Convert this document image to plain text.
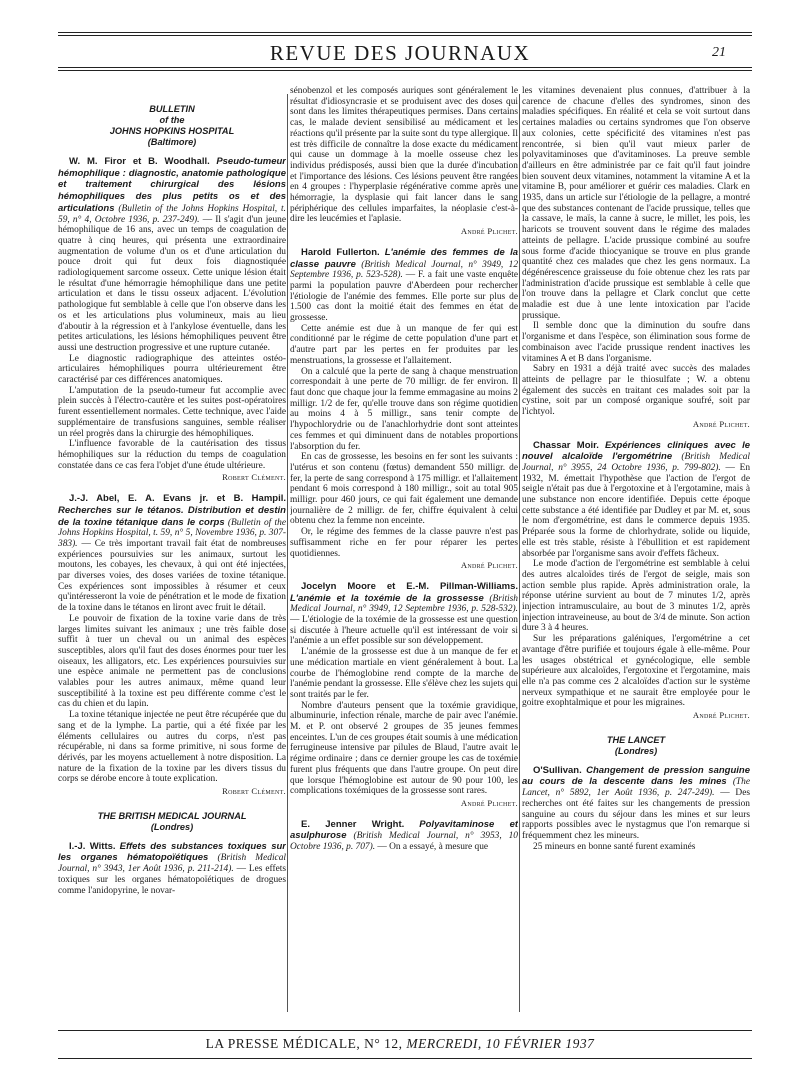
REVUE DES JOURNAUX	21
BULLETIN
of the
JOHNS HOPKINS HOSPITAL
(Baltimore)
W. M. Firor et B. Woodhall. Pseudo-tumeur hémophilique : diagnostic, anatomie pathologique et traitement chirurgical des lésions hémophiliques des plus petits os et des articulations (Bulletin of the Johns Hopkins Hospital, t. 59, n° 4, Octobre 1936, p. 237-249). — Il s'agit d'un jeune hémophilique de 16 ans, avec un temps de coagulation de quatre à cinq heures, qui présenta une extraordinaire augmentation de volume d'un os et d'une articulation du pouce droit qui fut deux fois diagnostiquée radiologiquement sarcome osseux. Cette unique lésion était le résultat d'une hémorragie hémophilique dans une petite articulation et dans le tissu osseux adjacent. L'évolution pathologique fut semblable à celle que l'on observe dans les os et les articulations plus volumineux, mais au lieu d'aboutir à la régression et à l'ankylose éventuelle, dans les petites articulations, les lésions hémophiliques peuvent être aussi une destruction progressive et une rupture cutanée.

Le diagnostic radiographique des atteintes ostéo-articulaires hémophiliques pourra ultérieurement être caractérisé par ces différences anatomiques.

L'amputation de la pseudo-tumeur fut accomplie avec plein succès à l'électro-cautère et les suites post-opératoires furent essentiellement normales. Cette technique, avec l'aide supplémentaire de transfusions sanguines, semble réaliser un réel progrès dans la chirurgie des hémophiliques.

L'influence favorable de la cautérisation des tissus hémophiliques sur la réduction du temps de coagulation constatée dans ce cas fera l'objet d'une étude ultérieure.

Robert Clément.
J.-J. Abel, E. A. Evans jr. et B. Hampil. Recherches sur le tétanos. Distribution et destin de la toxine tétanique dans le corps (Bulletin of the Johns Hopkins Hospital, t. 59, n° 5, Novembre 1936, p. 307-383). — Ce très important travail fait état de nombreuses expériences poursuivies sur les animaux, surtout les moutons, les cobayes, les chevaux, à qui ont été injectées, par diverses voies, des doses variées de toxine tétanique. Ces expériences sont impossibles à résumer et ceux qu'intéresseront la voie de pénétration et le mode de fixation de la toxine dans le tétanos en liront avec fruit le détail.

Le pouvoir de fixation de la toxine varie dans de très larges limites suivant les animaux ; une très faible dose suffit à tuer un cheval ou un animal des espèces susceptibles, alors qu'il faut des doses énormes pour tuer les oiseaux, les alligators, etc. Les expériences poursuivies sur une espèce animale ne permettent pas de conclusions valables pour les autres animaux, même quand leur susceptibilité à la toxine est peu différente comme c'est le cas du chien et du lapin.

La toxine tétanique injectée ne peut être récupérée que du sang et de la lymphe. La partie, qui a été fixée par les éléments cellulaires ou autres du corps, n'est pas récupérable, ni dans sa forme primitive, ni sous forme de dérivés, par les moyens actuellement à notre disposition. La nature de la fixation de la toxine par les divers tissus du corps se dérobe encore à toute explication.

Robert Clément.
THE BRITISH MEDICAL JOURNAL
(Londres)
I.-J. Witts. Effets des substances toxiques sur les organes hématopoïétiques (British Medical Journal, n° 3943, 1er Août 1936, p. 211-214). — Les effets toxiques sur les organes hématopoïétiques de drogues comme l'anidopyrine, le novar-

sénobenzol et les composés auriques sont généralement le résultat d'idiosyncrasie et se produisent avec des doses qui sont dans les limites thérapeutiques permises. Dans certains cas, le malade devient sensibilisé au médicament et les réactions qu'il présente par la suite sont du type allergique. Il est très difficile de connaître la dose exacte du médicament qui cause un dommage à la moelle osseuse chez les individus prédisposés, aussi bien que la durée d'incubation et l'importance des lésions. Ces lésions peuvent être rangées en 4 groupes : l'hyperplasie régénérative comme après une hémorragie, la dysplasie qui fait lancer dans le sang périphérique des cellules imparfaites, la néoplasie c'est-à-dire les leucémies et l'aplasie.

André Plichet.
Harold Fullerton. L'anémie des femmes de la classe pauvre (British Medical Journal, n° 3949, 12 Septembre 1936, p. 523-528). — F. a fait une vaste enquête parmi la population pauvre d'Aberdeen pour rechercher l'étiologie de l'anémie des femmes. Elle porte sur plus de 1.500 cas dont la moitié était des femmes en état de grossesse.

Cette anémie est due à un manque de fer qui est conditionné par le régime de cette population d'une part et d'autre part par les pertes en fer produites par les menstruations, la grossesse et l'allaitement.

On a calculé que la perte de sang à chaque menstruation correspondait à une perte de 70 milligr. de fer environ. Il faut donc que chaque jour la femme emmagasine au moins 2 milligr. 1/2 de fer, qu'elle trouve dans son régime quotidien au moins 4 à 5 milligr., sans tenir compte de l'hypochlorydrie ou de l'anachlorhydrie dont sont atteintes ces femmes et qui diminuent dans de notables proportions l'absorption du fer.

En cas de grossesse, les besoins en fer sont les suivants : l'utérus et son contenu (fœtus) demandent 550 milligr. de fer, la perte de sang correspond à 175 milligr. et l'allaitement pendant 6 mois correspond à 180 milligr., soit au total 905 milligr. pour 460 jours, ce qui fait également une demande journalière de 2 milligr. de fer, chiffre équivalent à celui obtenu chez la femme non enceinte.

Or, le régime des femmes de la classe pauvre n'est pas suffisamment riche en fer pour réparer les pertes quotidiennes.

André Plichet.
Jocelyn Moore et E.-M. Pillman-Williams. L'anémie et la toxémie de la grossesse (British Medical Journal, n° 3949, 12 Septembre 1936, p. 528-532). — L'étiologie de la toxémie de la grossesse est une question si discutée à l'heure actuelle qu'il est intéressant de voir si l'anémie a un effet possible sur son développement.

L'anémie de la grossesse est due à un manque de fer et une médication martiale en vient généralement à bout. La courbe de l'hémoglobine rend compte de la marche de l'anémie pendant la grossesse. Elle s'élève chez les sujets qui sont traités par le fer.

Nombre d'auteurs pensent que la toxémie gravidique, albuminurie, infection rénale, marche de pair avec l'anémie. M. et P. ont observé 2 groupes de 35 jeunes femmes enceintes. L'un de ces groupes était soumis à une médication ferrugineuse intensive par pilules de Blaud, l'autre avait le régime ordinaire ; dans ce dernier groupe les cas de toxémie furent plus fréquents que dans l'autre groupe. On peut dire que lorsque l'hémoglobine est autour de 90 pour 100, les complications toxémiques de la grossesse sont rares.

André Plichet.
E. Jenner Wright. Polyavitaminose et asulphurose (British Medical Journal, n° 3953, 10 Octobre 1936, p. 707). — On a essayé, à mesure que

les vitamines devenaient plus connues, d'attribuer à la carence de chacune d'elles des syndromes, sinon des maladies spécifiques. En réalité et cela se voit surtout dans certaines maladies ou certains syndromes que l'on observe aux colonies, cette spécificité des vitamines n'est pas rencontrée, si bien qu'il vaut mieux parler de polyavitaminoses que d'avitaminoses. La preuve semble d'ailleurs en être administrée par ce fait qu'il faut joindre bien souvent deux vitamines, notamment la vitamine A et la vitamine B, pour améliorer et guérir ces maladies. Clark en 1935, dans un article sur l'étiologie de la pellagre, a montré que des substances contenant de l'acide prussique, telles que la cassave, le maïs, la canne à sucre, le millet, les pois, les haricots se trouvent souvent dans le régime des malades atteints de pellagre. L'acide prussique combiné au soufre sous forme d'acide thiocyanique se trouve en plus grande quantité chez ces malades que chez les gens normaux. La dégénérescence graisseuse du foie obtenue chez les rats par l'administration d'acide prussique est semblable à celle que l'on trouve dans la pellagre et Clark conclut que cette maladie est due à une lente intoxication par l'acide prussique.

Il semble donc que la diminution du soufre dans l'organisme et dans l'espèce, son élimination sous forme de combinaison avec l'acide prussique rendent inactives les vitamines A et B dans l'organisme.

Sabry en 1931 a déjà traité avec succès des malades atteints de pellagre par le thiosulfate ; W. a obtenu également des succès en traitant ces malades soit par la cystine, soit par un composé organique soufré, soit par l'ichtyol.

André Plichet.
Chassar Moir. Expériences cliniques avec le nouvel alcaloïde l'ergométrine (British Medical Journal, n° 3955, 24 Octobre 1936, p. 799-802). — En 1932, M. émettait l'hypothèse que l'action de l'ergot de seigle n'était pas due à l'ergotoxine et à l'ergotamine, mais à une substance non encore identifiée. Depuis cette époque cette substance a été identifiée par Dudley et par M. et, sous le nom d'ergométrine, est dans le commerce depuis 1935. Préparée sous la forme de chlorhydrate, solide ou liquide, elle est très stable, résiste à l'ébullition et est rapidement absorbée par l'organisme sans avoir d'effets fâcheux.

Le mode d'action de l'ergométrine est semblable à celui des autres alcaloïdes tirés de l'ergot de seigle, mais son action semble plus rapide. Après administration orale, la réponse utérine survient au bout de 7 minutes 1/2, après injection intramusculaire, au bout de 3 minutes 1/2, après injection intraveineuse, au bout de 3/4 de minute. Son action dure 3 à 4 heures.

Sur les préparations galéniques, l'ergométrine a cet avantage d'être purifiée et toujours égale à elle-même. Pour les usages obstétrical et gynécologique, elle semble supérieure aux alcaloïdes, l'ergotoxine et l'ergotamine, mais elle n'a pas comme ces 2 alcaloïdes d'action sur le système nerveux sympathique et ne saurait être employée pour le goitre exophtalmique et pour les migraines.

André Plichet.
THE LANCET
(Londres)
O'Sullivan. Changement de pression sanguine au cours de la descente dans les mines (The Lancet, n° 5892, 1er Août 1936, p. 247-249). — Des recherches ont été faites sur les changements de pression sanguine au cours du séjour dans les mines et sur leurs rapports possibles avec le nystagmus que l'on remarque si fréquemment chez les mineurs.

25 mineurs en bonne santé furent examinés

LA PRESSE MÉDICALE, N° 12, MERCREDI, 10 FÉVRIER 1937
